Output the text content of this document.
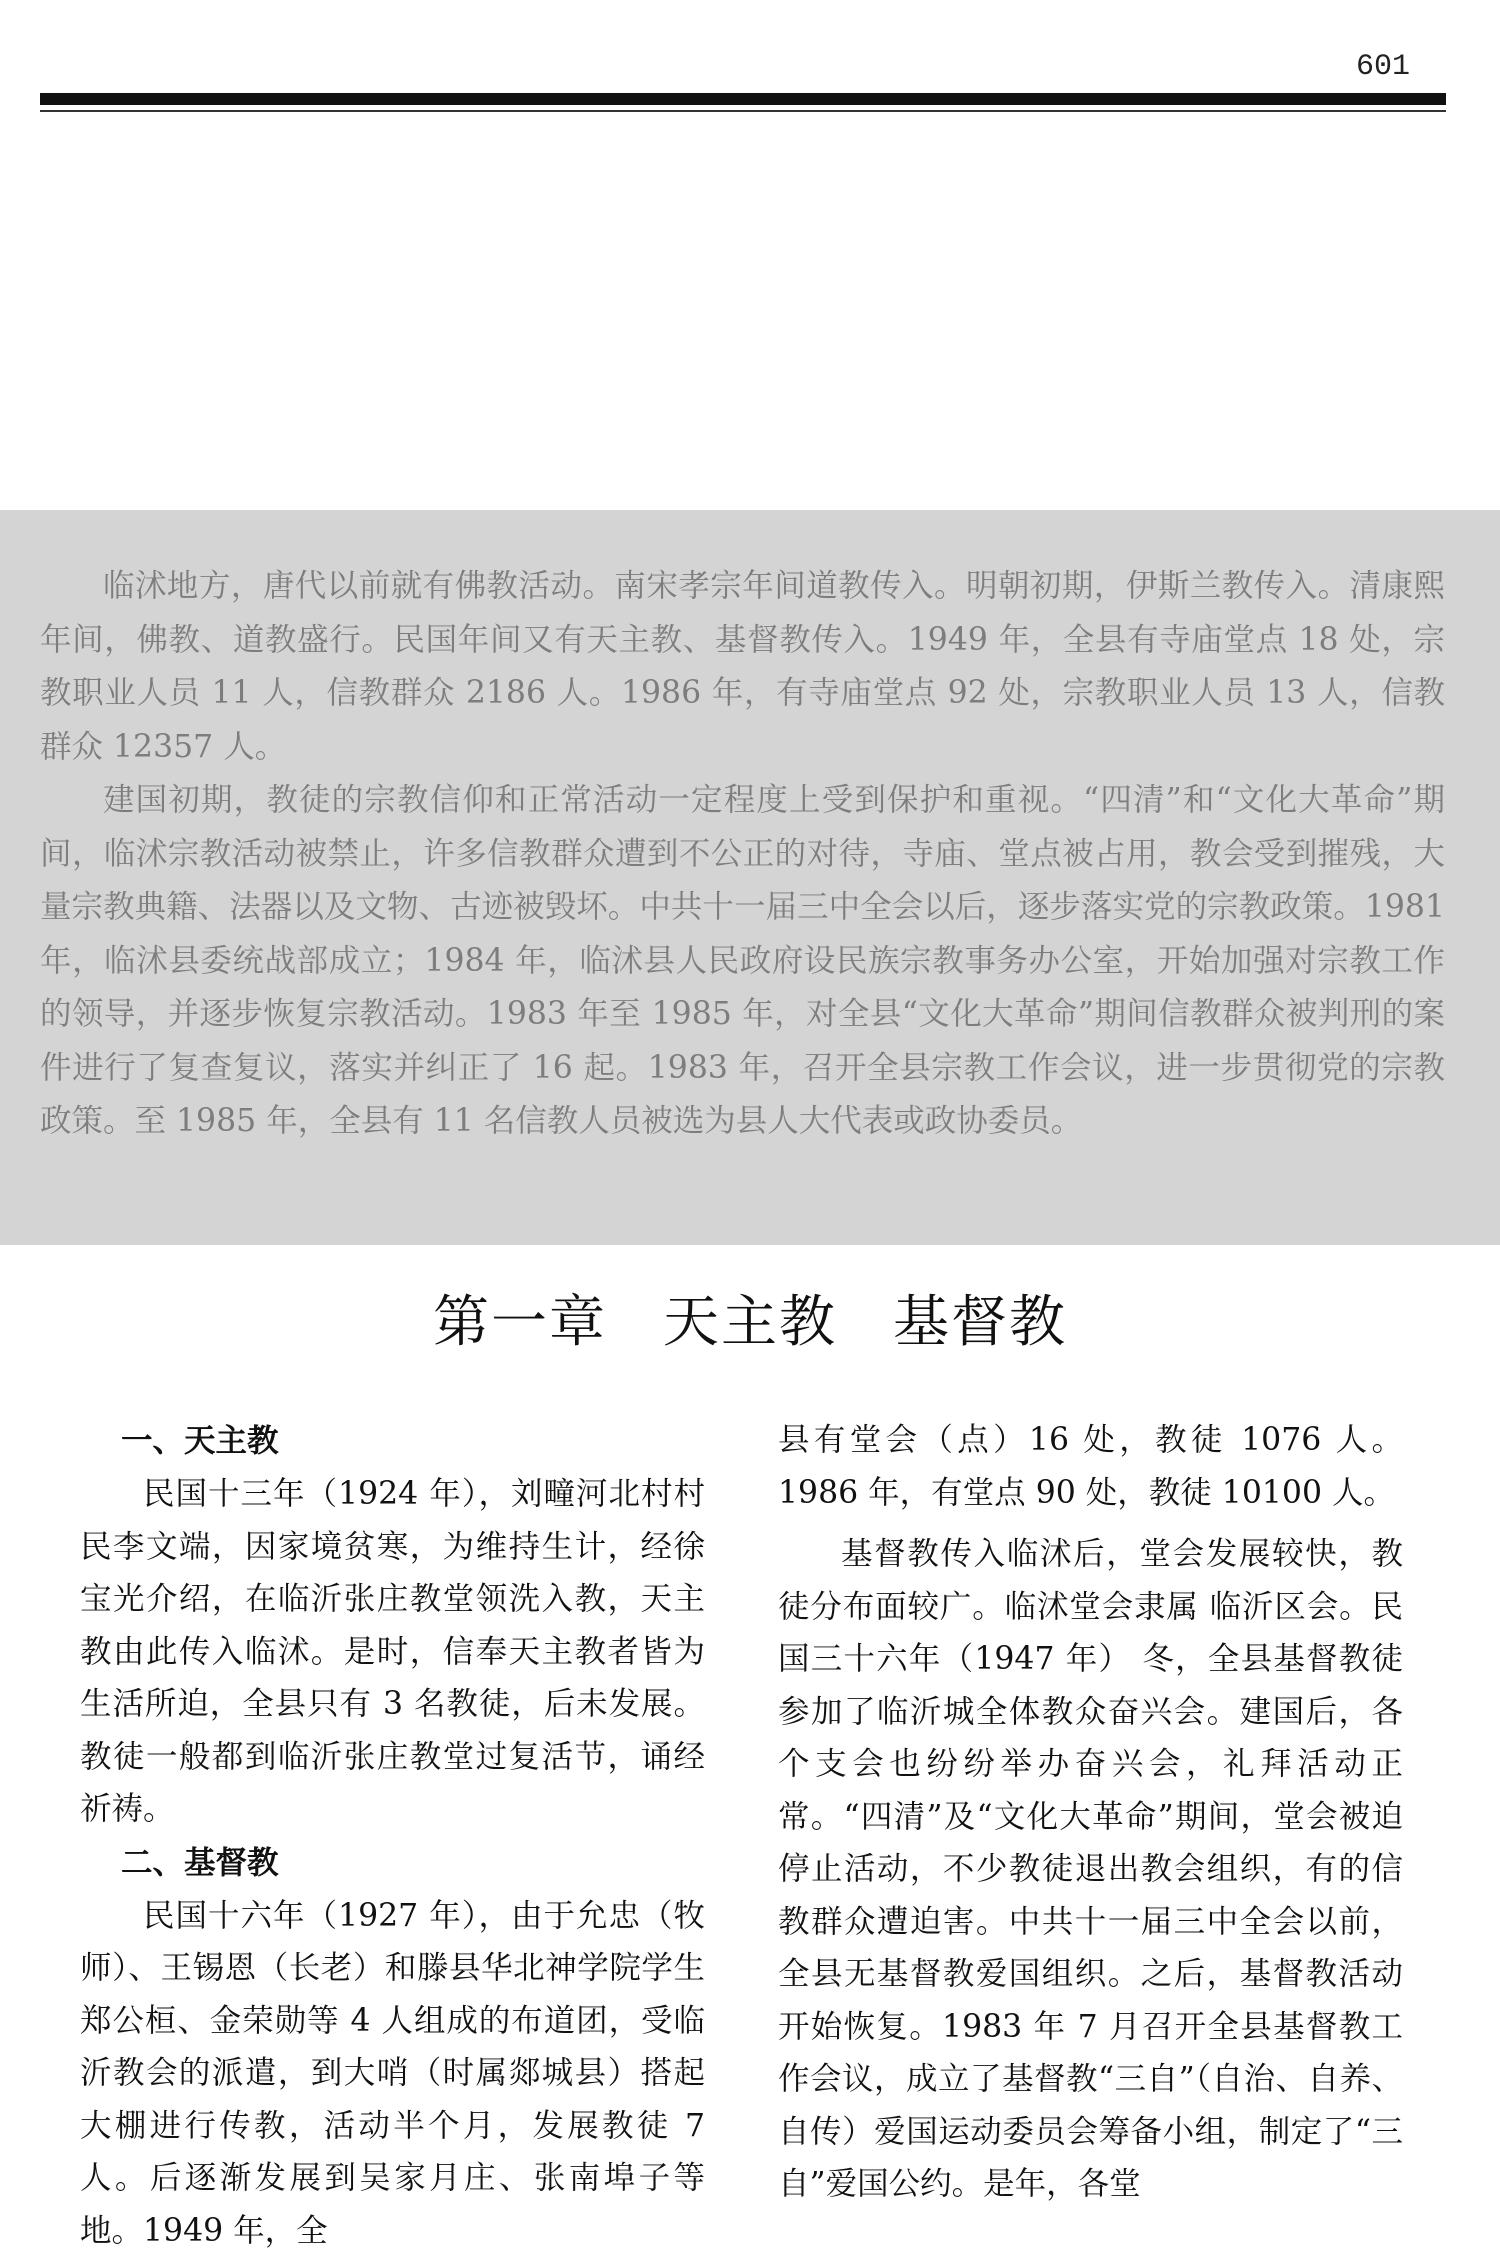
601

临沭地方，唐代以前就有佛教活动。南宋孝宗年间道教传入。明朝初期，伊斯兰教传入。清康熙年间，佛教、道教盛行。民国年间又有天主教、基督教传入。1949 年，全县有寺庙堂点 18 处，宗教职业人员 11 人，信教群众 2186 人。1986 年，有寺庙堂点 92 处，宗教职业人员 13 人，信教群众 12357 人。

建国初期，教徒的宗教信仰和正常活动一定程度上受到保护和重视。“四清”和“文化大革命”期间，临沭宗教活动被禁止，许多信教群众遭到不公正的对待，寺庙、堂点被占用，教会受到摧残，大量宗教典籍、法器以及文物、古迹被毁坏。中共十一届三中全会以后，逐步落实党的宗教政策。1981 年，临沭县委统战部成立；1984 年，临沭县人民政府设民族宗教事务办公室，开始加强对宗教工作的领导，并逐步恢复宗教活动。1983 年至 1985 年，对全县“文化大革命”期间信教群众被判刑的案件进行了复查复议，落实并纠正了 16 起。1983 年，召开全县宗教工作会议，进一步贯彻党的宗教政策。至 1985 年，全县有 11 名信教人员被选为县人大代表或政协委员。

第一章 天主教 基督教
一、天主教

民国十三年（1924 年），刘疃河北村村民李文端，因家境贫寒，为维持生计，经徐宝光介绍，在临沂张庄教堂领洗入教，天主教由此传入临沭。是时，信奉天主教者皆为生活所迫，全县只有 3 名教徒，后未发展。教徒一般都到临沂张庄教堂过复活节，诵经祈祷。

二、基督教

民国十六年（1927 年），由于允忠（牧师）、王锡恩（长老）和滕县华北神学院学生郑公桓、金荣勋等 4 人组成的布道团，受临沂教会的派遣，到大哨（时属郯城县）搭起大棚进行传教，活动半个月，发展教徒 7 人。后逐渐发展到吴家月庄、张南埠子等地。1949 年，全

县有堂会（点）16 处，教徒 1076 人。1986 年，有堂点 90 处，教徒 10100 人。

基督教传入临沭后，堂会发展较快，教徒分布面较广。临沭堂会隶属 临沂区会。民国三十六年（1947 年） 冬，全县基督教徒参加了临沂城全体教众奋兴会。建国后，各个支会也纷纷举办奋兴会，礼拜活动正常。“四清”及“文化大革命”期间，堂会被迫停止活动，不少教徒退出教会组织，有的信教群众遭迫害。中共十一届三中全会以前，全县无基督教爱国组织。之后，基督教活动开始恢复。1983 年 7 月召开全县基督教工作会议，成立了基督教“三自”（自治、自养、自传）爱国运动委员会筹备小组，制定了“三自”爱国公约。是年，各堂
